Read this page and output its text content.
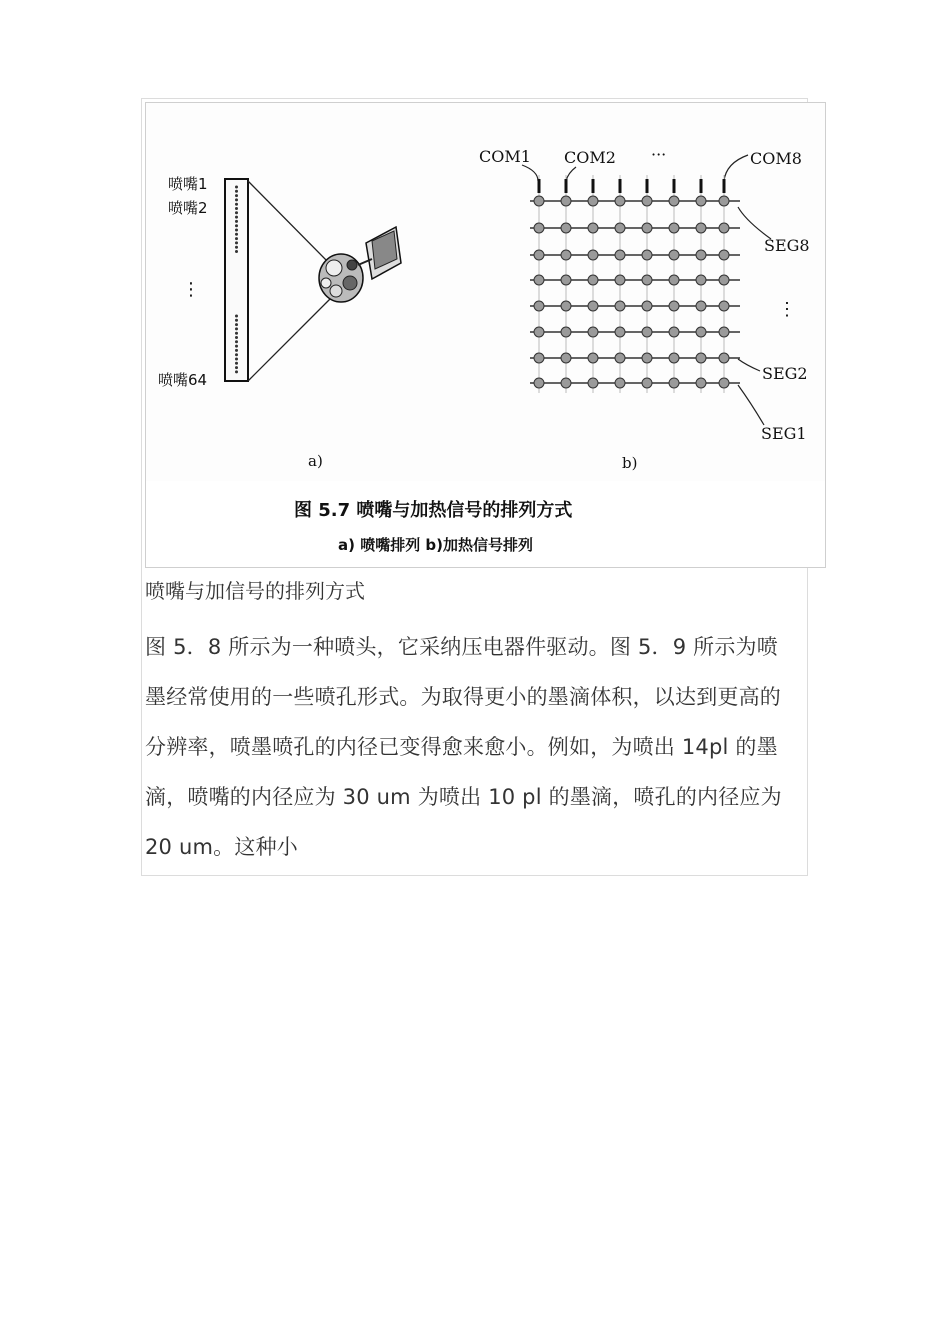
喷嘴1
喷嘴2
⋮
喷嘴64
COM1 COM2 ···	COM8
SEG8
⋮
SEG2
SEG1
a)	b)
图 5.7 喷嘴与加热信号的排列方式
a) 喷嘴排列 b)加热信号排列
喷嘴与加信号的排列方式
图 5．8 所示为一种喷头，它采纳压电器件驱动。图 5．9 所示为喷
墨经常使用的一些喷孔形式。为取得更小的墨滴体积，以达到更高的
分辨率，喷墨喷孔的内径已变得愈来愈小。例如，为喷出 14pl 的墨
滴，喷嘴的内径应为 30 um 为喷出 10 pl 的墨滴，喷孔的内径应为
20 um。这种小
